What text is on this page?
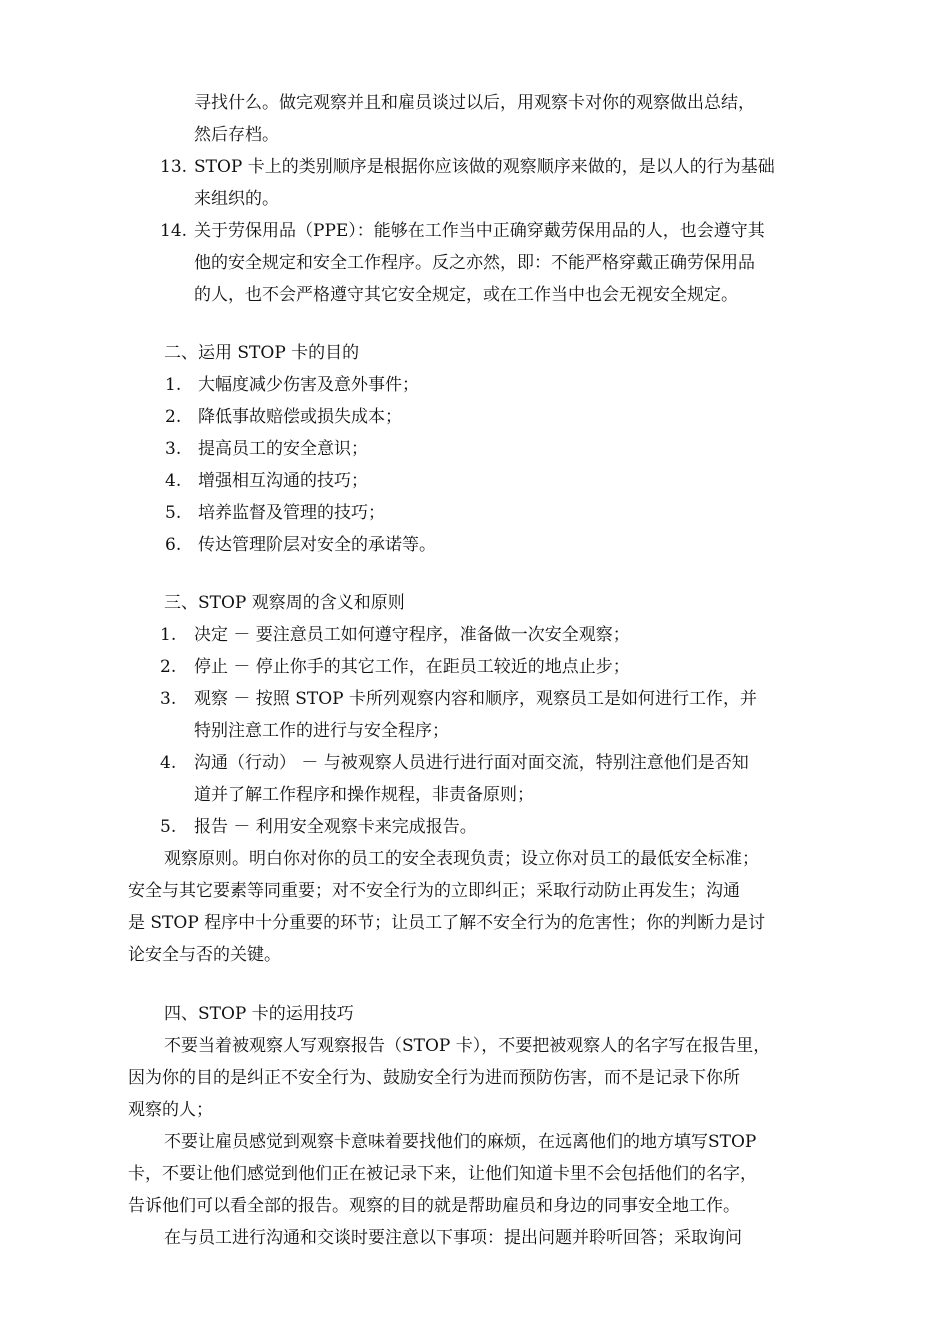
寻找什么。做完观察并且和雇员谈过以后，用观察卡对你的观察做出总结，
然后存档。
13. STOP 卡上的类别顺序是根据你应该做的观察顺序来做的，是以人的行为基础
来组织的。
14. 关于劳保用品（PPE）：能够在工作当中正确穿戴劳保用品的人，也会遵守其
他的安全规定和安全工作程序。反之亦然，即：不能严格穿戴正确劳保用品
的人，也不会严格遵守其它安全规定，或在工作当中也会无视安全规定。
二、运用 STOP 卡的目的
1. 大幅度减少伤害及意外事件；
2. 降低事故赔偿或损失成本；
3. 提高员工的安全意识；
4. 增强相互沟通的技巧；
5. 培养监督及管理的技巧；
6. 传达管理阶层对安全的承诺等。
三、STOP 观察周的含义和原则
1. 决定 － 要注意员工如何遵守程序，准备做一次安全观察；
2. 停止 － 停止你手的其它工作，在距员工较近的地点止步；
3. 观察 － 按照 STOP 卡所列观察内容和顺序，观察员工是如何进行工作，并
特别注意工作的进行与安全程序；
4. 沟通（行动） － 与被观察人员进行进行面对面交流，特别注意他们是否知
道并了解工作程序和操作规程，非责备原则；
5. 报告 － 利用安全观察卡来完成报告。
观察原则。明白你对你的员工的安全表现负责；设立你对员工的最低安全标准；
安全与其它要素等同重要；对不安全行为的立即纠正；采取行动防止再发生；沟通
是 STOP 程序中十分重要的环节；让员工了解不安全行为的危害性；你的判断力是讨
论安全与否的关键。
四、STOP 卡的运用技巧
不要当着被观察人写观察报告（STOP 卡），不要把被观察人的名字写在报告里，
因为你的目的是纠正不安全行为、鼓励安全行为进而预防伤害，而不是记录下你所
观察的人；
不要让雇员感觉到观察卡意味着要找他们的麻烦，在远离他们的地方填写STOP
卡，不要让他们感觉到他们正在被记录下来，让他们知道卡里不会包括他们的名字，
告诉他们可以看全部的报告。观察的目的就是帮助雇员和身边的同事安全地工作。
在与员工进行沟通和交谈时要注意以下事项：提出问题并聆听回答；采取询问
